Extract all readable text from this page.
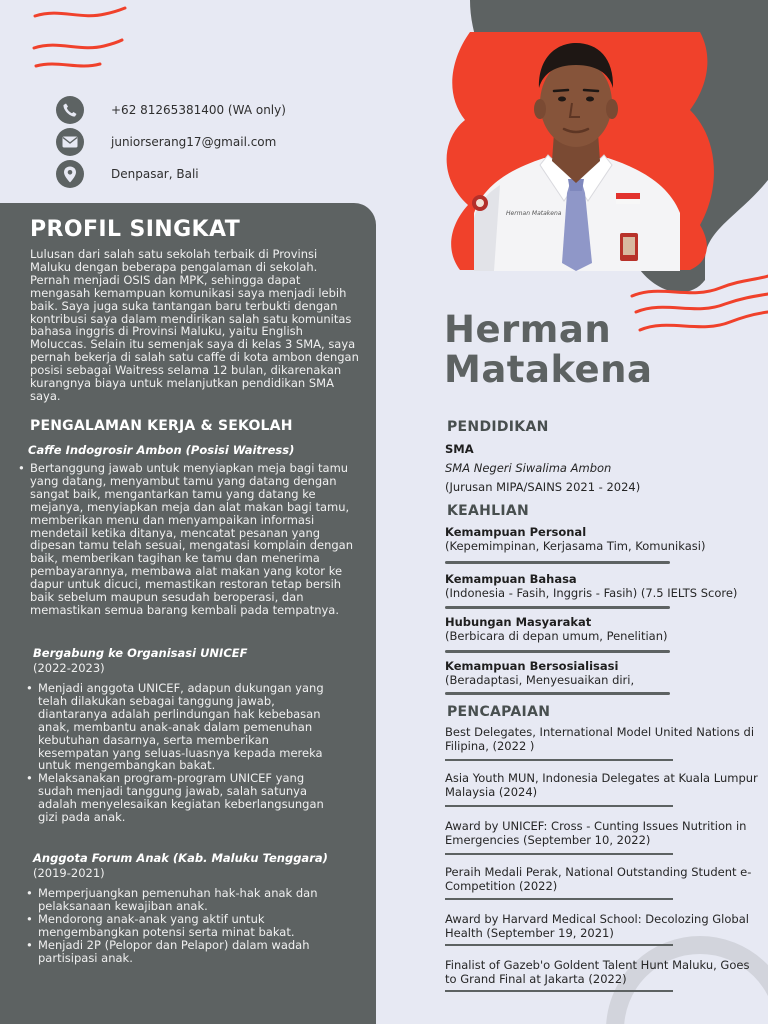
+62 81265381400 (WA only)
juniorserang17@gmail.com
Denpasar, Bali
Herman Matakena
Herman
Matakena
PROFIL SINGKAT
Lulusan dari salah satu sekolah terbaik di Provinsi Maluku dengan beberapa pengalaman di sekolah. Pernah menjadi OSIS dan MPK, sehingga dapat mengasah kemampuan komunikasi saya menjadi lebih baik. Saya juga suka tantangan baru terbukti dengan kontribusi saya dalam mendirikan salah satu komunitas bahasa inggris di Provinsi Maluku, yaitu English Moluccas. Selain itu semenjak saya di kelas 3 SMA, saya pernah bekerja di salah satu caffe di kota ambon dengan posisi sebagai Waitress selama 12 bulan, dikarenakan kurangnya biaya untuk melanjutkan pendidikan SMA saya.
PENGALAMAN KERJA & SEKOLAH
Caffe Indogrosir Ambon (Posisi Waitress)
• Bertanggung jawab untuk menyiapkan meja bagi tamu yang datang, menyambut tamu yang datang dengan sangat baik, mengantarkan tamu yang datang ke mejanya, menyiapkan meja dan alat makan bagi tamu, memberikan menu dan menyampaikan informasi mendetail ketika ditanya, mencatat pesanan yang dipesan tamu telah sesuai, mengatasi komplain dengan baik, memberikan tagihan ke tamu dan menerima pembayarannya, membawa alat makan yang kotor ke dapur untuk dicuci, memastikan restoran tetap bersih baik sebelum maupun sesudah beroperasi, dan memastikan semua barang kembali pada tempatnya.
Bergabung ke Organisasi UNICEF
(2022-2023)
• Menjadi anggota UNICEF, adapun dukungan yang telah dilakukan sebagai tanggung jawab, diantaranya adalah perlindungan hak kebebasan anak, membantu anak-anak dalam pemenuhan kebutuhan dasarnya, serta memberikan kesempatan yang seluas-luasnya kepada mereka untuk mengembangkan bakat.
• Melaksanakan program-program UNICEF yang sudah menjadi tanggung jawab, salah satunya adalah menyelesaikan kegiatan keberlangsungan gizi pada anak.
Anggota Forum Anak (Kab. Maluku Tenggara)
(2019-2021)
• Memperjuangkan pemenuhan hak-hak anak dan pelaksanaan kewajiban anak.
• Mendorong anak-anak yang aktif untuk mengembangkan potensi serta minat bakat.
• Menjadi 2P (Pelopor dan Pelapor) dalam wadah partisipasi anak.
PENDIDIKAN
SMA
SMA Negeri Siwalima Ambon
(Jurusan MIPA/SAINS 2021 - 2024)
KEAHLIAN
Kemampuan Personal
(Kepemimpinan, Kerjasama Tim, Komunikasi)
Kemampuan Bahasa
(Indonesia - Fasih, Inggris - Fasih) (7.5 IELTS Score)
Hubungan Masyarakat
(Berbicara di depan umum, Penelitian)
Kemampuan Bersosialisasi
(Beradaptasi, Menyesuaikan diri,
PENCAPAIAN
Best Delegates, International Model United Nations di Filipina, (2022 )
Asia Youth MUN, Indonesia Delegates at Kuala Lumpur Malaysia (2024)
Award by UNICEF: Cross - Cunting Issues Nutrition in Emergencies (September 10, 2022)
Peraih Medali Perak, National Outstanding Student e-Competition (2022)
Award by Harvard Medical School: Decolozing Global Health (September 19, 2021)
Finalist of Gazeb'o Goldent Talent Hunt Maluku, Goes to Grand Final at Jakarta (2022)
